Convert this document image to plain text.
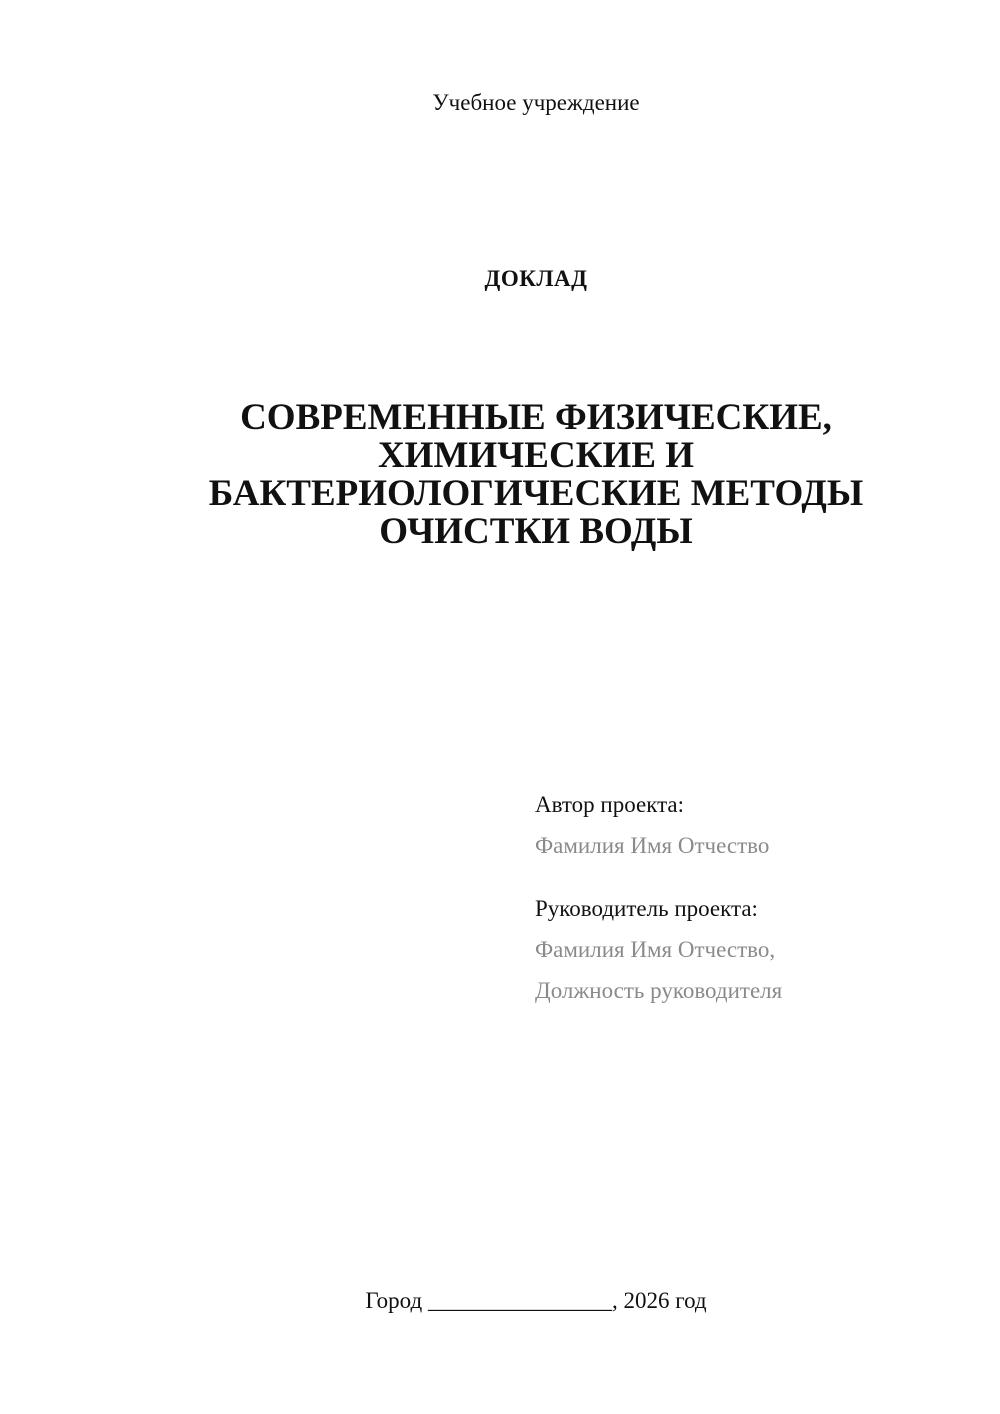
Учебное учреждение
ДОКЛАД
СОВРЕМЕННЫЕ ФИЗИЧЕСКИЕ,
ХИМИЧЕСКИЕ И
БАКТЕРИОЛОГИЧЕСКИЕ МЕТОДЫ
ОЧИСТКИ ВОДЫ
Автор проекта:
Фамилия Имя Отчество
Руководитель проекта:
Фамилия Имя Отчество,
Должность руководителя
Город ________________, 2026 год
